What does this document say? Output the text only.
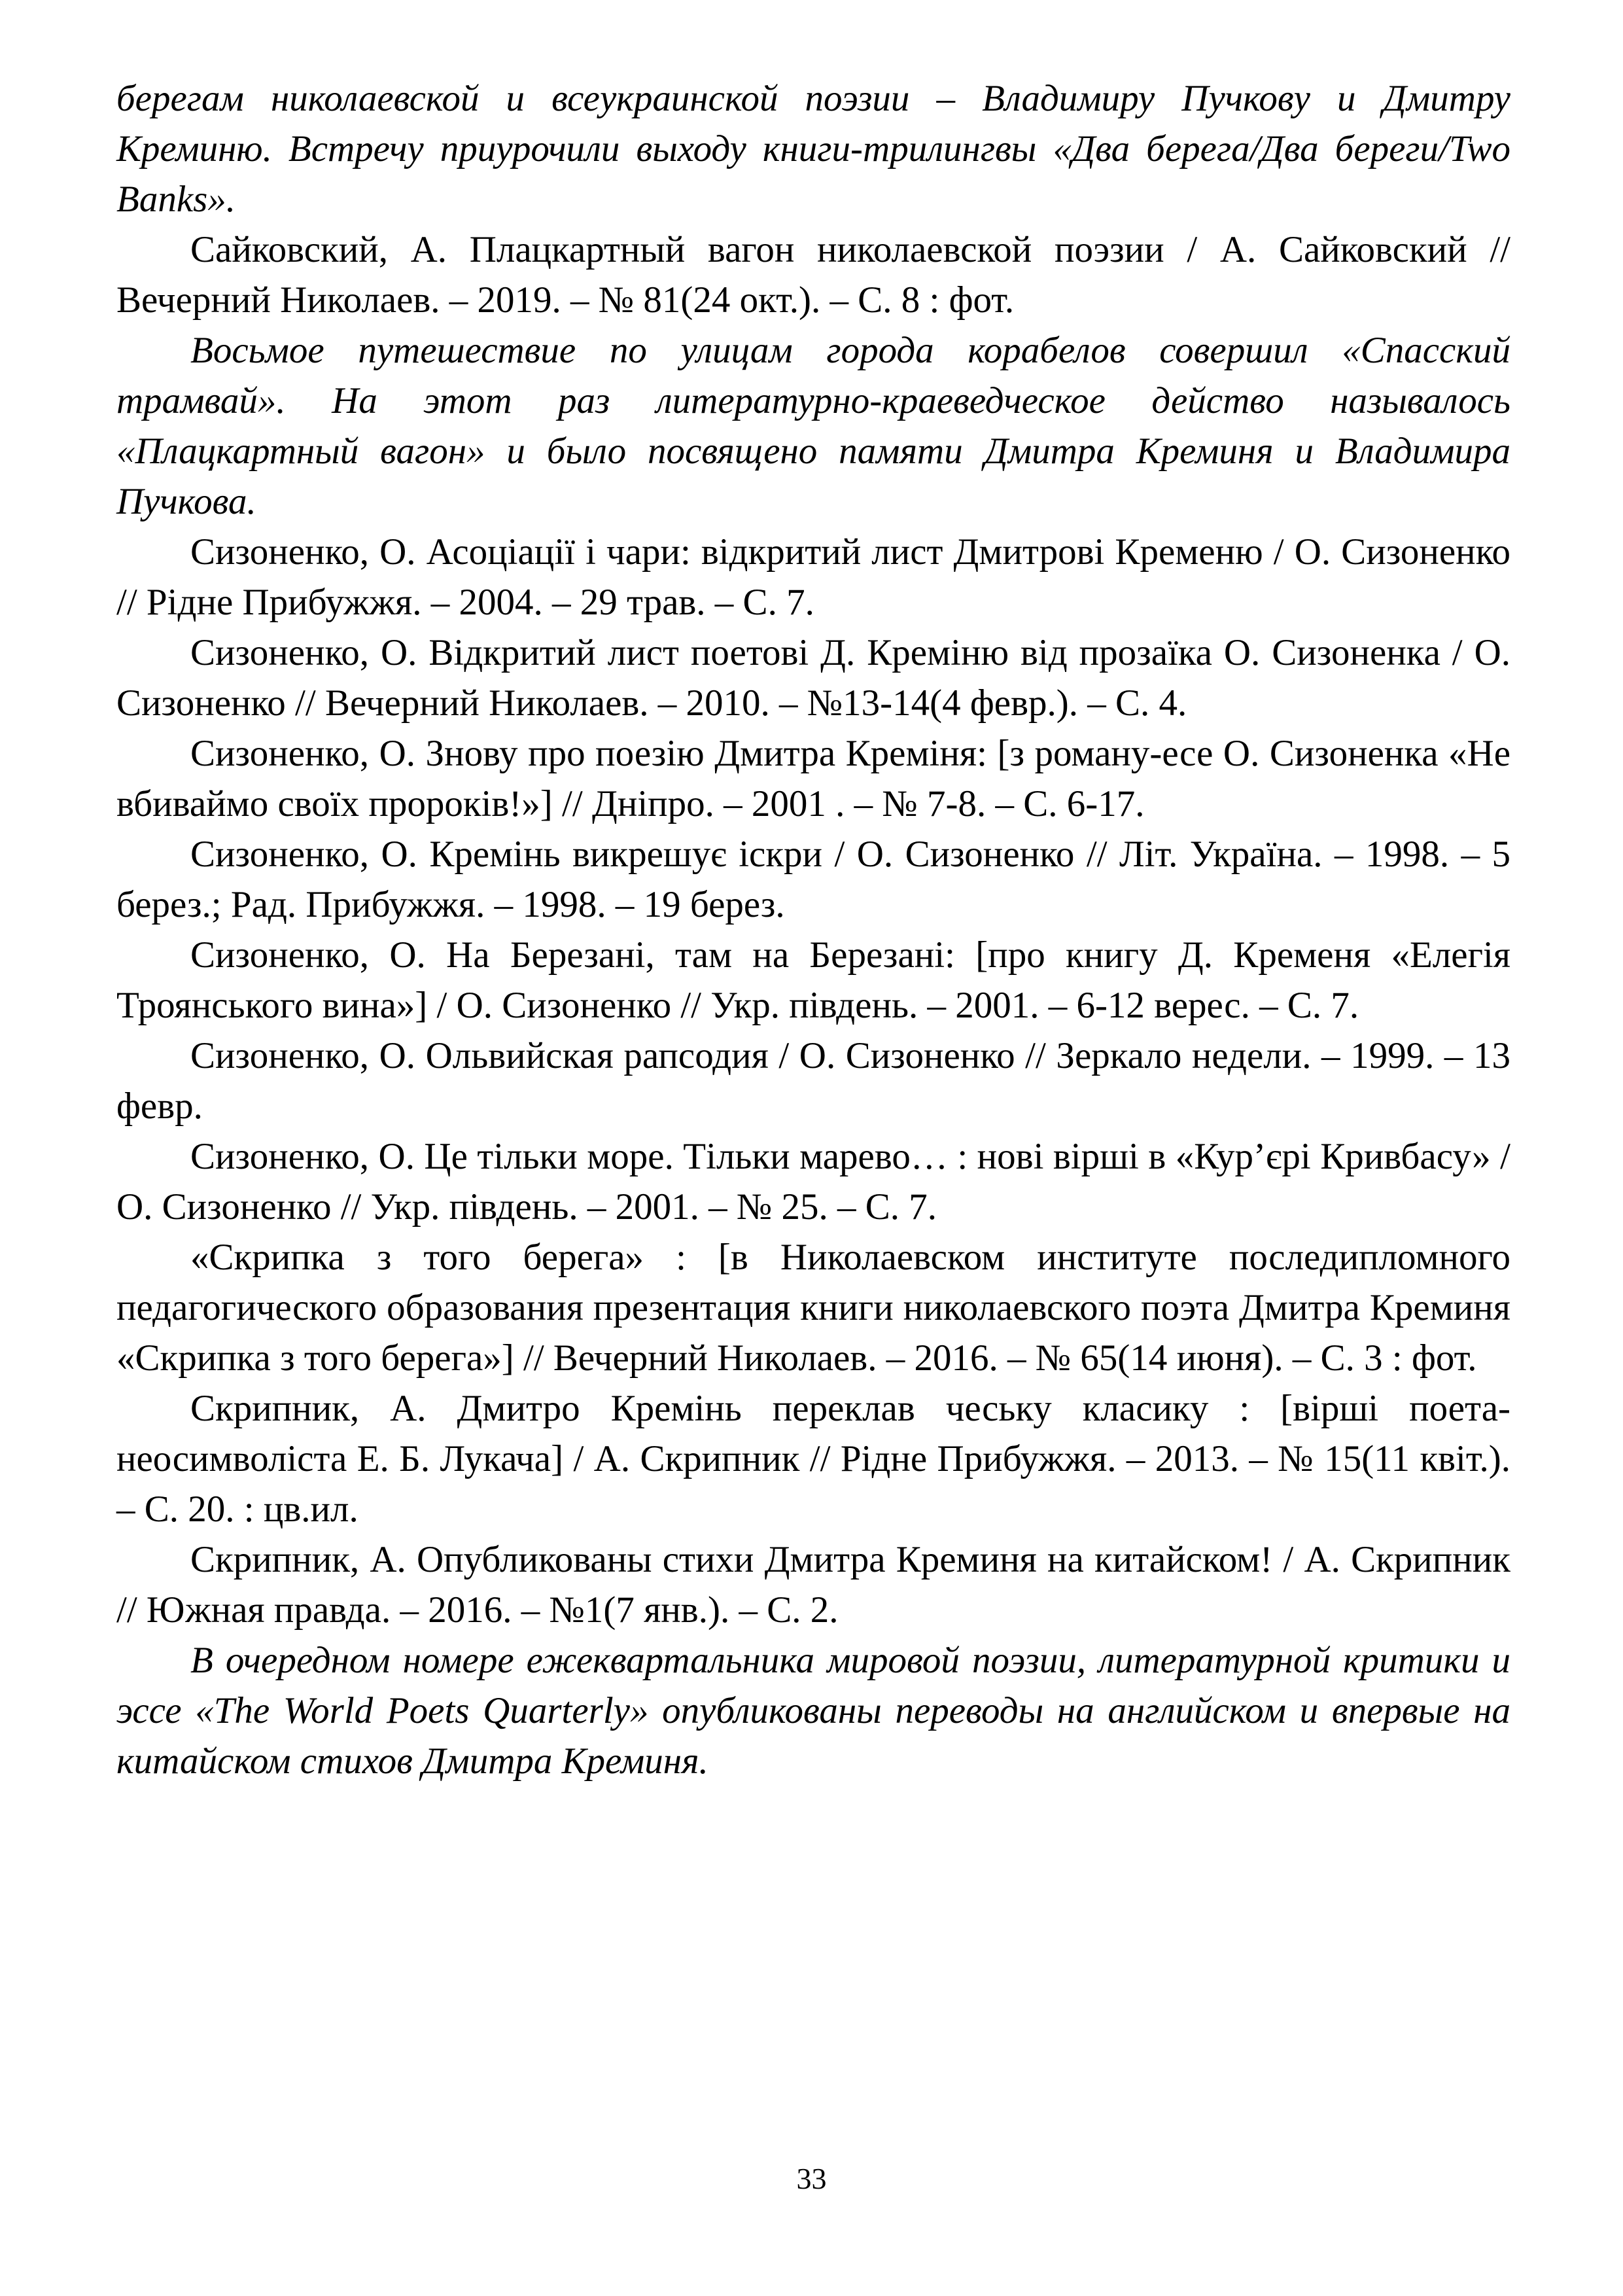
берегам николаевской и всеукраинской поэзии – Владимиру Пучкову и Дмитру Креминю. Встречу приурочили выходу книги-трилингвы «Два берега/Два береги/Two Banks».

Сайковский, А. Плацкартный вагон николаевской поэзии / А. Сайковский // Вечерний Николаев. – 2019. – № 81(24 окт.). – С. 8 : фот.

Восьмое путешествие по улицам города корабелов совершил «Спасский трамвай». На этот раз литературно-краеведческое действо называлось «Плацкартный вагон» и было посвящено памяти Дмитра Креминя и Владимира Пучкова.

Сизоненко, О. Асоціації і чари: відкритий лист Дмитрові Кременю / О. Сизоненко // Рідне Прибужжя. – 2004. – 29 трав. – С. 7.

Сизоненко, О. Відкритий лист поетові Д. Креміню від прозаїка О. Сизоненка / О. Сизоненко // Вечерний Николаев. – 2010. – №13-14(4 февр.). – С. 4.

Сизоненко, О. Знову про поезію Дмитра Креміня: [з роману-есе О. Сизоненка «Не вбиваймо своїх пророків!»] // Дніпро. – 2001 . – № 7-8. – С. 6-17.

Сизоненко, О. Кремінь викрешує іскри / О. Сизоненко // Літ. Україна. – 1998. – 5 берез.; Рад. Прибужжя. – 1998. – 19 берез.

Сизоненко, О. На Березані, там на Березані: [про книгу Д. Кременя «Елегія Троянського вина»] / О. Сизоненко // Укр. південь. – 2001. – 6-12 верес. – С. 7.

Сизоненко, О. Ольвийская рапсодия / О. Сизоненко // Зеркало недели. – 1999. – 13 февр.

Сизоненко, О. Це тільки море. Тільки марево… : нові вірші в «Кур’єрі Кривбасу» / О. Сизоненко // Укр. південь. – 2001. – № 25. – С. 7.

«Скрипка з того берега» : [в Николаевском институте последипломного педагогического образования презентация книги николаевского поэта Дмитра Креминя «Скрипка з того берега»] // Вечерний Николаев. – 2016. – № 65(14 июня). – С. 3 : фот.

Скрипник, А. Дмитро Кремінь переклав чеську класику : [вірші поета-неосимволіста Е. Б. Лукача] / А. Скрипник // Рідне Прибужжя. – 2013. – № 15(11 квіт.). – С. 20. : цв.ил.

Скрипник, А. Опубликованы стихи Дмитра Креминя на китайском! / А. Скрипник // Южная правда. – 2016. – №1(7 янв.). – С. 2.

В очередном номере ежеквартальника мировой поэзии, литературной критики и эссе «The World Poets Quarterly» опубликованы переводы на английском и впервые на китайском стихов Дмитра Креминя.

33
